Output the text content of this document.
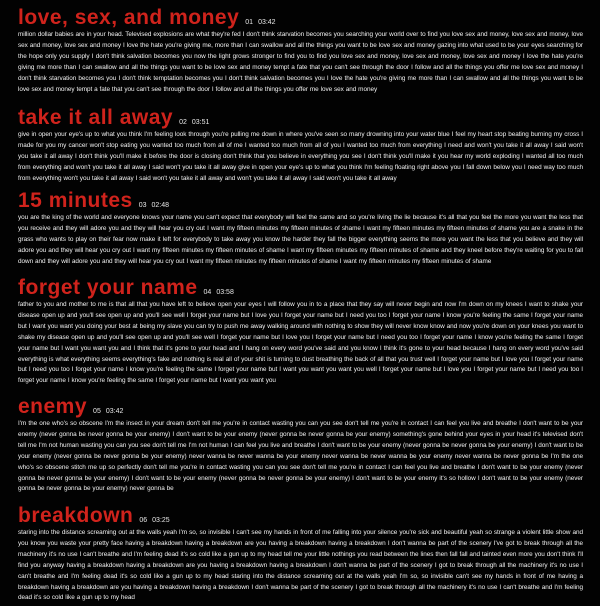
love, sex, and money 01 03:42

million dollar babies are in your head. Televised explosions are what they're fed I don't think starvation becomes you searching your world over to find you love sex and money, love sex and money, love sex and money, love sex and money I love the hate you're giving me, more than I can swallow and all the things you want to be love sex and money gazing into what used to be your eyes searching for the hope only you supply I don't think salvation becomes you now the light grows stronger to find you to find you love sex and money, love sex and money, love sex and money I love the hate you're giving me more than I can swallow and all the things you want to be love sex and money tempt a fate that you can't see through the door I follow and all the things you offer me love sex and money I don't think starvation becomes you I don't think temptation becomes you I don't think salvation becomes you I love the hate you're giving me more than I can swallow and all the things you want to be love sex and money tempt a fate that you can't see through the door I follow and all the things you offer me love sex and money

take it all away 02 03:51

give in open your eye's up to what you think I'm feeling look through you're pulling me down in where you've seen so many drowning into your water blue I feel my heart stop beating burning my cross I made for you my cancer won't stop eating you wanted too much from all of me I wanted too much from all of you I wanted too much from everything I need and won't you take it all away I said won't you take it all away I don't think you'll make it before the door is closing don't think that you believe in everything you see I don't think you'll make it you hear my world exploding I wanted all too much from everything and won't you take it all away I said won't you take it all away give in open your eye's up to what you think I'm feeling floating right above you I fall down below you I need way too much from everything won't you take it all away I said won't you take it all away and won't you take it all away I said won't you take it all away

15 minutes 03 02:48

you are the king of the world and everyone knows your name you can't expect that everybody will feel the same and so you're living the lie because it's all that you feel the more you want the less that you receive and they will adore you and they will hear you cry out I want my fifteen minutes my fifteen minutes of shame I want my fifteen minutes my fifteen minutes of shame you are a snake in the grass who wants to play on their fear now make it left for everybody to take away you know the harder they fall the bigger everything seems the more you want the less that you believe and they will adore you and they will hear you cry out I want my fifteen minutes my fifteen minutes of shame I want my fifteen minutes my fifteen minutes of shame and they kneel before they're waiting for you to fall down and they will adore you and they will hear you cry out I want my fifteen minutes my fifteen minutes of shame I want my fifteen minutes my fifteen minutes of shame

forget your name 04 03:58

father to you and mother to me is that all that you have left to believe open your eyes I will follow you in to a place that they say will never begin and now I'm down on my knees I want to shake your disease open up and you'll see open up and you'll see well I forget your name but I love you I forget your name but I need you too I forget your name I know you're feeling the same I forget your name but I want you want you doing your best at being my slave you can try to push me away walking around with nothing to show they will never know know and now you're down on your knees you want to shake my disease open up and you'll see open up and you'll see well I forget your name but I love you I forget your name but I need you too I forget your name I know you're feeling the same I forget your name but I want you want you and I think that it's gone to your head and I hang on every word you've said and you know I think it's gone to your head because I hang on every word you've said everything is what everything seems everything's fake and nothing is real all of your shit is turning to dust breathing the back of all that you trust well I forget your name but I love you I forget your name but I need you too I forget your name I know you're feeling the same I forget your name but I want you want you want you well I forget your name but I love you I forget your name but I need you too I forget your name I know you're feeling the same I forget your name but I want you want you

enemy 05 03:42

I'm the one who's so obscene I'm the insect in your dream don't tell me you're in contact wasting you can you see don't tell me you're in contact I can feel you live and breathe I don't want to be your enemy (never gonna be never gonna be your enemy) I don't want to be your enemy (never gonna be never gonna be your enemy) something's gone behind your eyes in your head it's televised don't tell me I'm not human wasting you can you see don't tell me I'm not human I can feel you live and breathe I don't want to be your enemy (never gonna be never gonna be your enemy) I don't want to be your enemy (never gonna be never gonna be your enemy) never wanna be never wanna be your enemy never wanna be never wanna be your enemy never wanna be never gonna be I'm the one who's so obscene stitch me up so perfectly don't tell me you're in contact wasting you can you see don't tell me you're in contact I can feel you live and breathe I don't want to be your enemy (never gonna be never gonna be your enemy) I don't want to be your enemy (never gonna be never gonna be your enemy) I don't want to be your enemy it's so hollow I don't want to be your enemy (never gonna be never gonna be your enemy) never gonna be

breakdown 06 03:25

staring into the distance screaming out at the walls yeah I'm so, so invisible I can't see my hands in front of me falling into your silence you're sick and beautiful yeah so strange a violent little show and you know you waste your pretty face having a breakdown having a breakdown are you having a breakdown having a breakdown I don't wanna be part of the scenery I've got to break through all the machinery it's no use I can't breathe and I'm feeling dead it's so cold like a gun up to my head tell me your little nothings you read between the lines then fall fall and tainted even more you don't think I'll find you anyway having a breakdown having a breakdown are you having a breakdown having a breakdown I don't wanna be part of the scenery I got to break through all the machinery it's no use I can't breathe and I'm feeling dead it's so cold like a gun up to my head staring into the distance screaming out at the walls yeah I'm so, so invisible can't see my hands in front of me having a breakdown having a breakdown are you having a breakdown having a breakdown I don't wanna be part of the scenery I got to break through all the machinery it's no use I can't breathe and I'm feeling dead it's so cold like a gun up to my head
